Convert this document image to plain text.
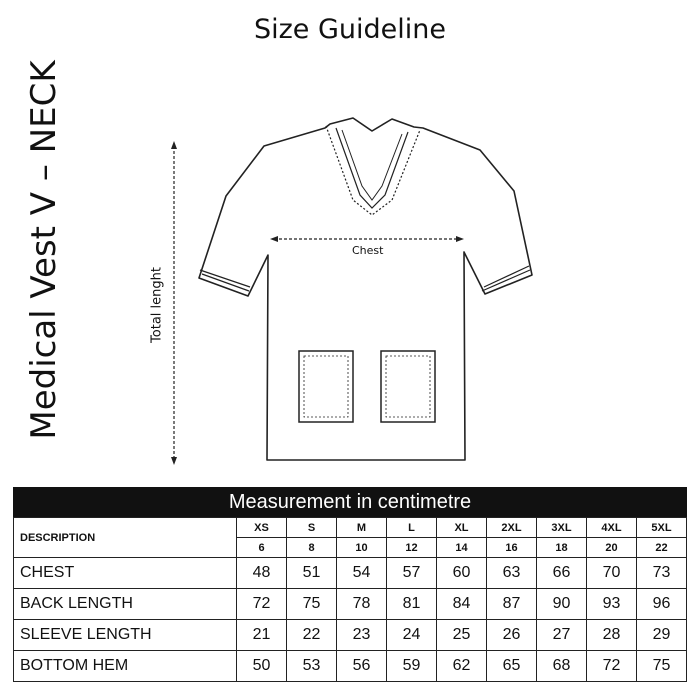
Size Guideline
Medical Vest V – NECK	Total lenght
Chest
Measurement in centimetre
DESCRIPTION	XS	S	M	L	XL	2XL	3XL	4XL	5XL
	6	8	10	12	14	16	18	20	22
CHEST	48	51	54	57	60	63	66	70	73
BACK LENGTH	72	75	78	81	84	87	90	93	96
SLEEVE LENGTH	21	22	23	24	25	26	27	28	29
BOTTOM HEM	50	53	56	59	62	65	68	72	75
